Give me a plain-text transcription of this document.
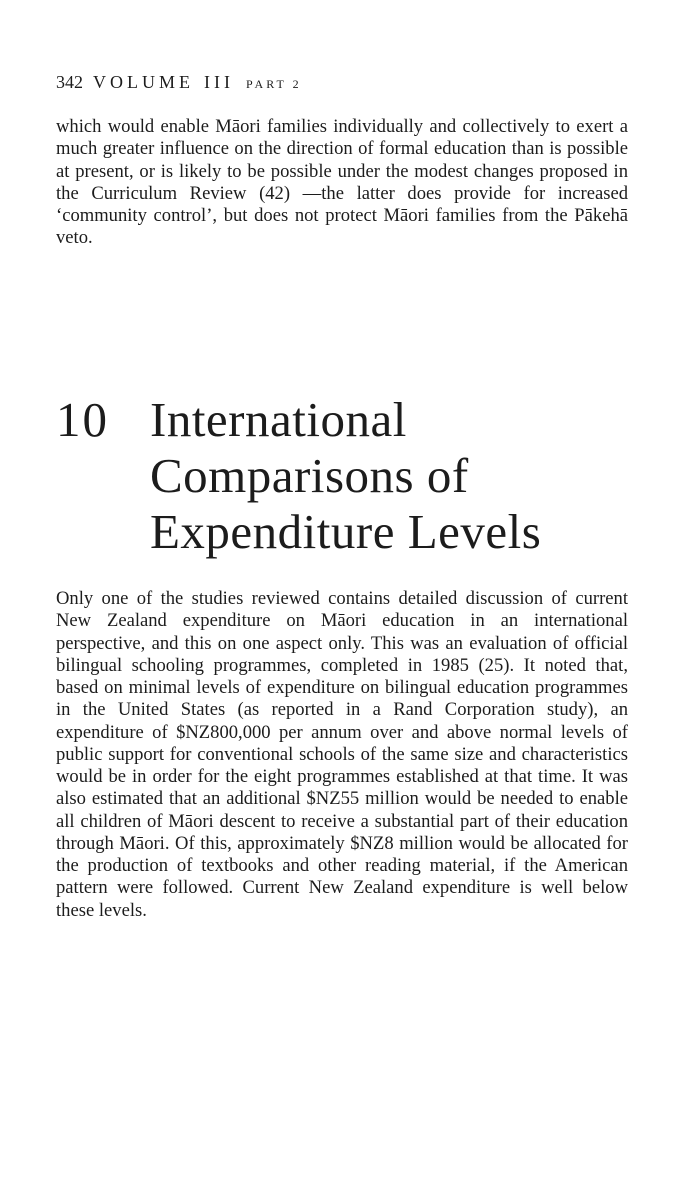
342 VOLUME III PART 2

which would enable Māori families individually and collectively to exert a much greater influence on the direction of formal education than is possible at present, or is likely to be possible under the modest changes proposed in the Curriculum Review (42) —the latter does provide for increased ‘community control’, but does not protect Māori families from the Pākehā veto.

10 International Comparisons of Expenditure Levels

Only one of the studies reviewed contains detailed discussion of current New Zealand expenditure on Māori education in an international perspective, and this on one aspect only. This was an evaluation of official bilingual schooling programmes, completed in 1985 (25). It noted that, based on minimal levels of expenditure on bilingual education programmes in the United States (as reported in a Rand Corporation study), an expenditure of $NZ800,000 per annum over and above normal levels of public support for conventional schools of the same size and characteristics would be in order for the eight programmes established at that time. It was also estimated that an additional $NZ55 million would be needed to enable all children of Māori descent to receive a substantial part of their education through Māori. Of this, approximately $NZ8 million would be allocated for the production of textbooks and other reading material, if the American pattern were followed. Current New Zealand expenditure is well below these levels.
